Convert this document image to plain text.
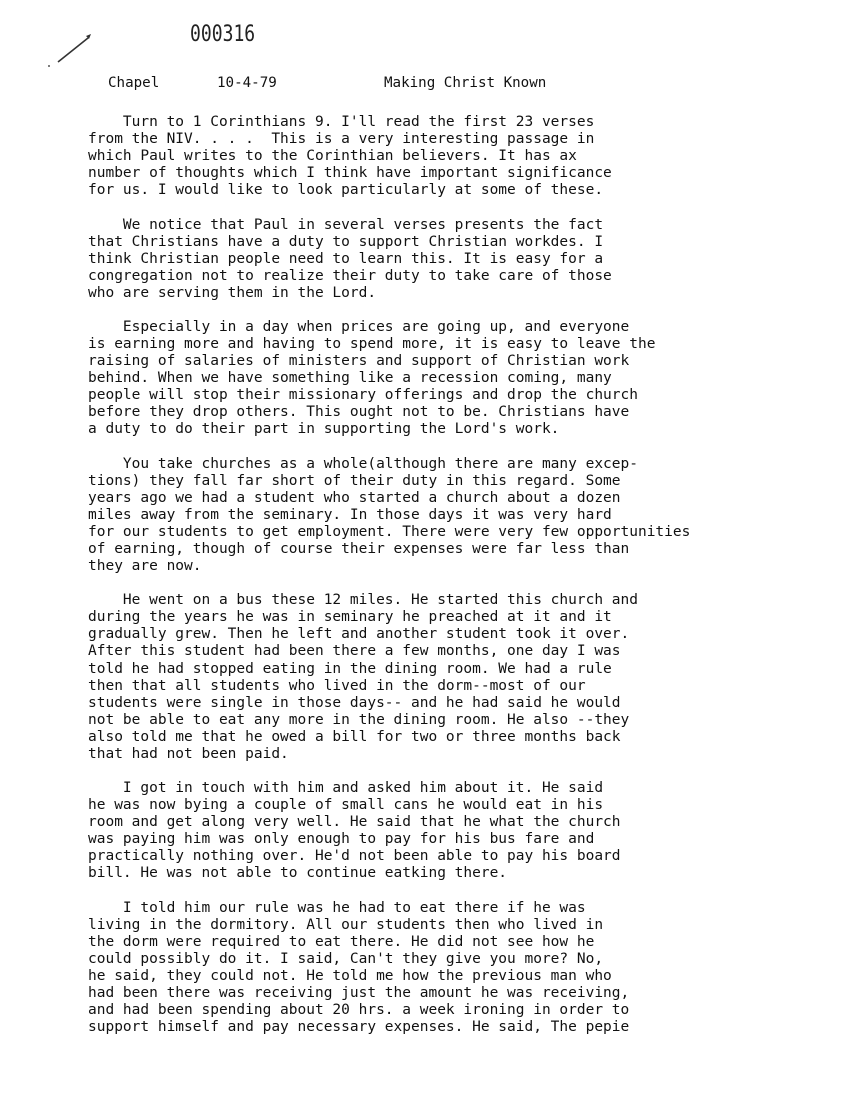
000316
Chapel	10-4-79	Making Christ Known
Turn to 1 Corinthians 9. I'll read the first 23 verses
from the NIV. . . .  This is a very interesting passage in
which Paul writes to the Corinthian believers. It has ax
number of thoughts which I think have important significance
for us. I would like to look particularly at some of these.
We notice that Paul in several verses presents the fact
that Christians have a duty to support Christian workdes. I
think Christian people need to learn this. It is easy for a
congregation not to realize their duty to take care of those
who are serving them in the Lord.
Especially in a day when prices are going up, and everyone
is earning more and having to spend more, it is easy to leave the
raising of salaries of ministers and support of Christian work
behind. When we have something like a recession coming, many
people will stop their missionary offerings and drop the church
before they drop others. This ought not to be. Christians have
a duty to do their part in supporting the Lord's work.
You take churches as a whole(although there are many excep-
tions) they fall far short of their duty in this regard. Some
years ago we had a student who started a church about a dozen
miles away from the seminary. In those days it was very hard
for our students to get employment. There were very few opportunities
of earning, though of course their expenses were far less than
they are now.
He went on a bus these 12 miles. He started this church and
during the years he was in seminary he preached at it and it
gradually grew. Then he left and another student took it over.
After this student had been there a few months, one day I was
told he had stopped eating in the dining room. We had a rule
then that all students who lived in the dorm--most of our
students were single in those days-- and he had said he would
not be able to eat any more in the dining room. He also --they
also told me that he owed a bill for two or three months back
that had not been paid.
I got in touch with him and asked him about it. He said
he was now bying a couple of small cans he would eat in his
room and get along very well. He said that he what the church
was paying him was only enough to pay for his bus fare and
practically nothing over. He'd not been able to pay his board
bill. He was not able to continue eatking there.
I told him our rule was he had to eat there if he was
living in the dormitory. All our students then who lived in
the dorm were required to eat there. He did not see how he
could possibly do it. I said, Can't they give you more? No,
he said, they could not. He told me how the previous man who
had been there was receiving just the amount he was receiving,
and had been spending about 20 hrs. a week ironing in order to
support himself and pay necessary expenses. He said, The pepie
